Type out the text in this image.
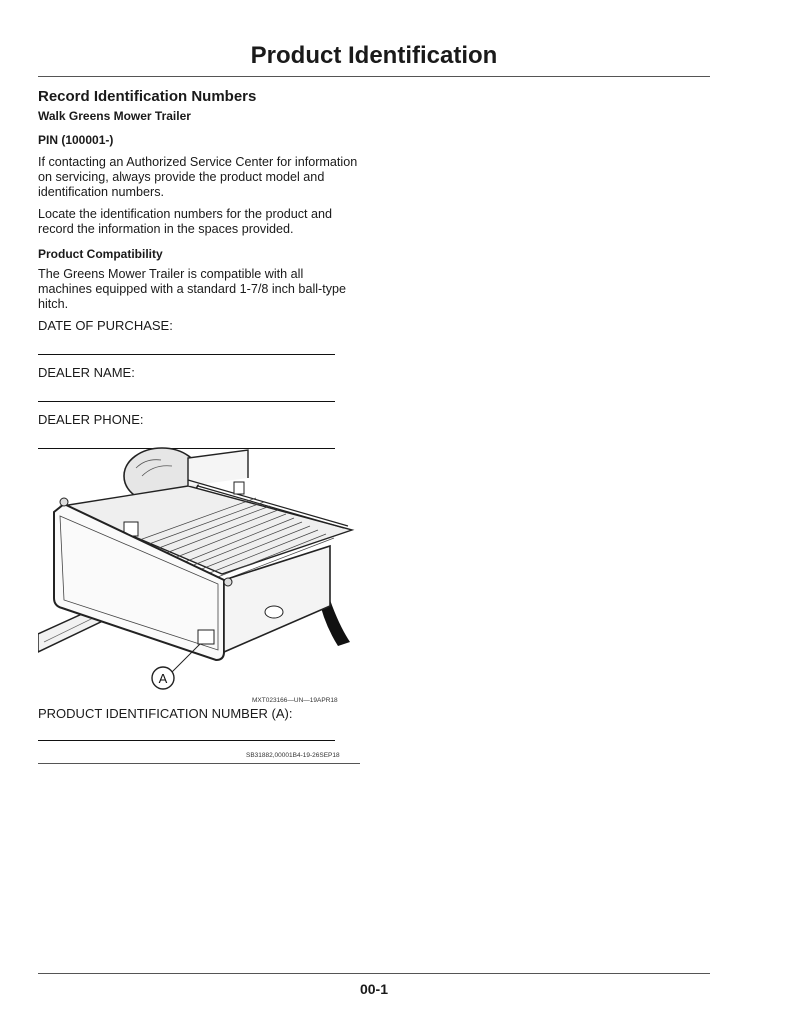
Product Identification
Record Identification Numbers
Walk Greens Mower Trailer
PIN (100001-)

If contacting an Authorized Service Center for information on servicing, always provide the product model and identification numbers.

Locate the identification numbers for the product and record the information in the spaces provided.

Product Compatibility

The Greens Mower Trailer is compatible with all machines equipped with a standard 1-7/8 inch ball-type hitch.

DATE OF PURCHASE:
DEALER NAME:
DEALER PHONE:
A
MXT023166—UN—19APR18
PRODUCT IDENTIFICATION NUMBER (A):
SB31882,00001B4-19-26SEP18
00-1
